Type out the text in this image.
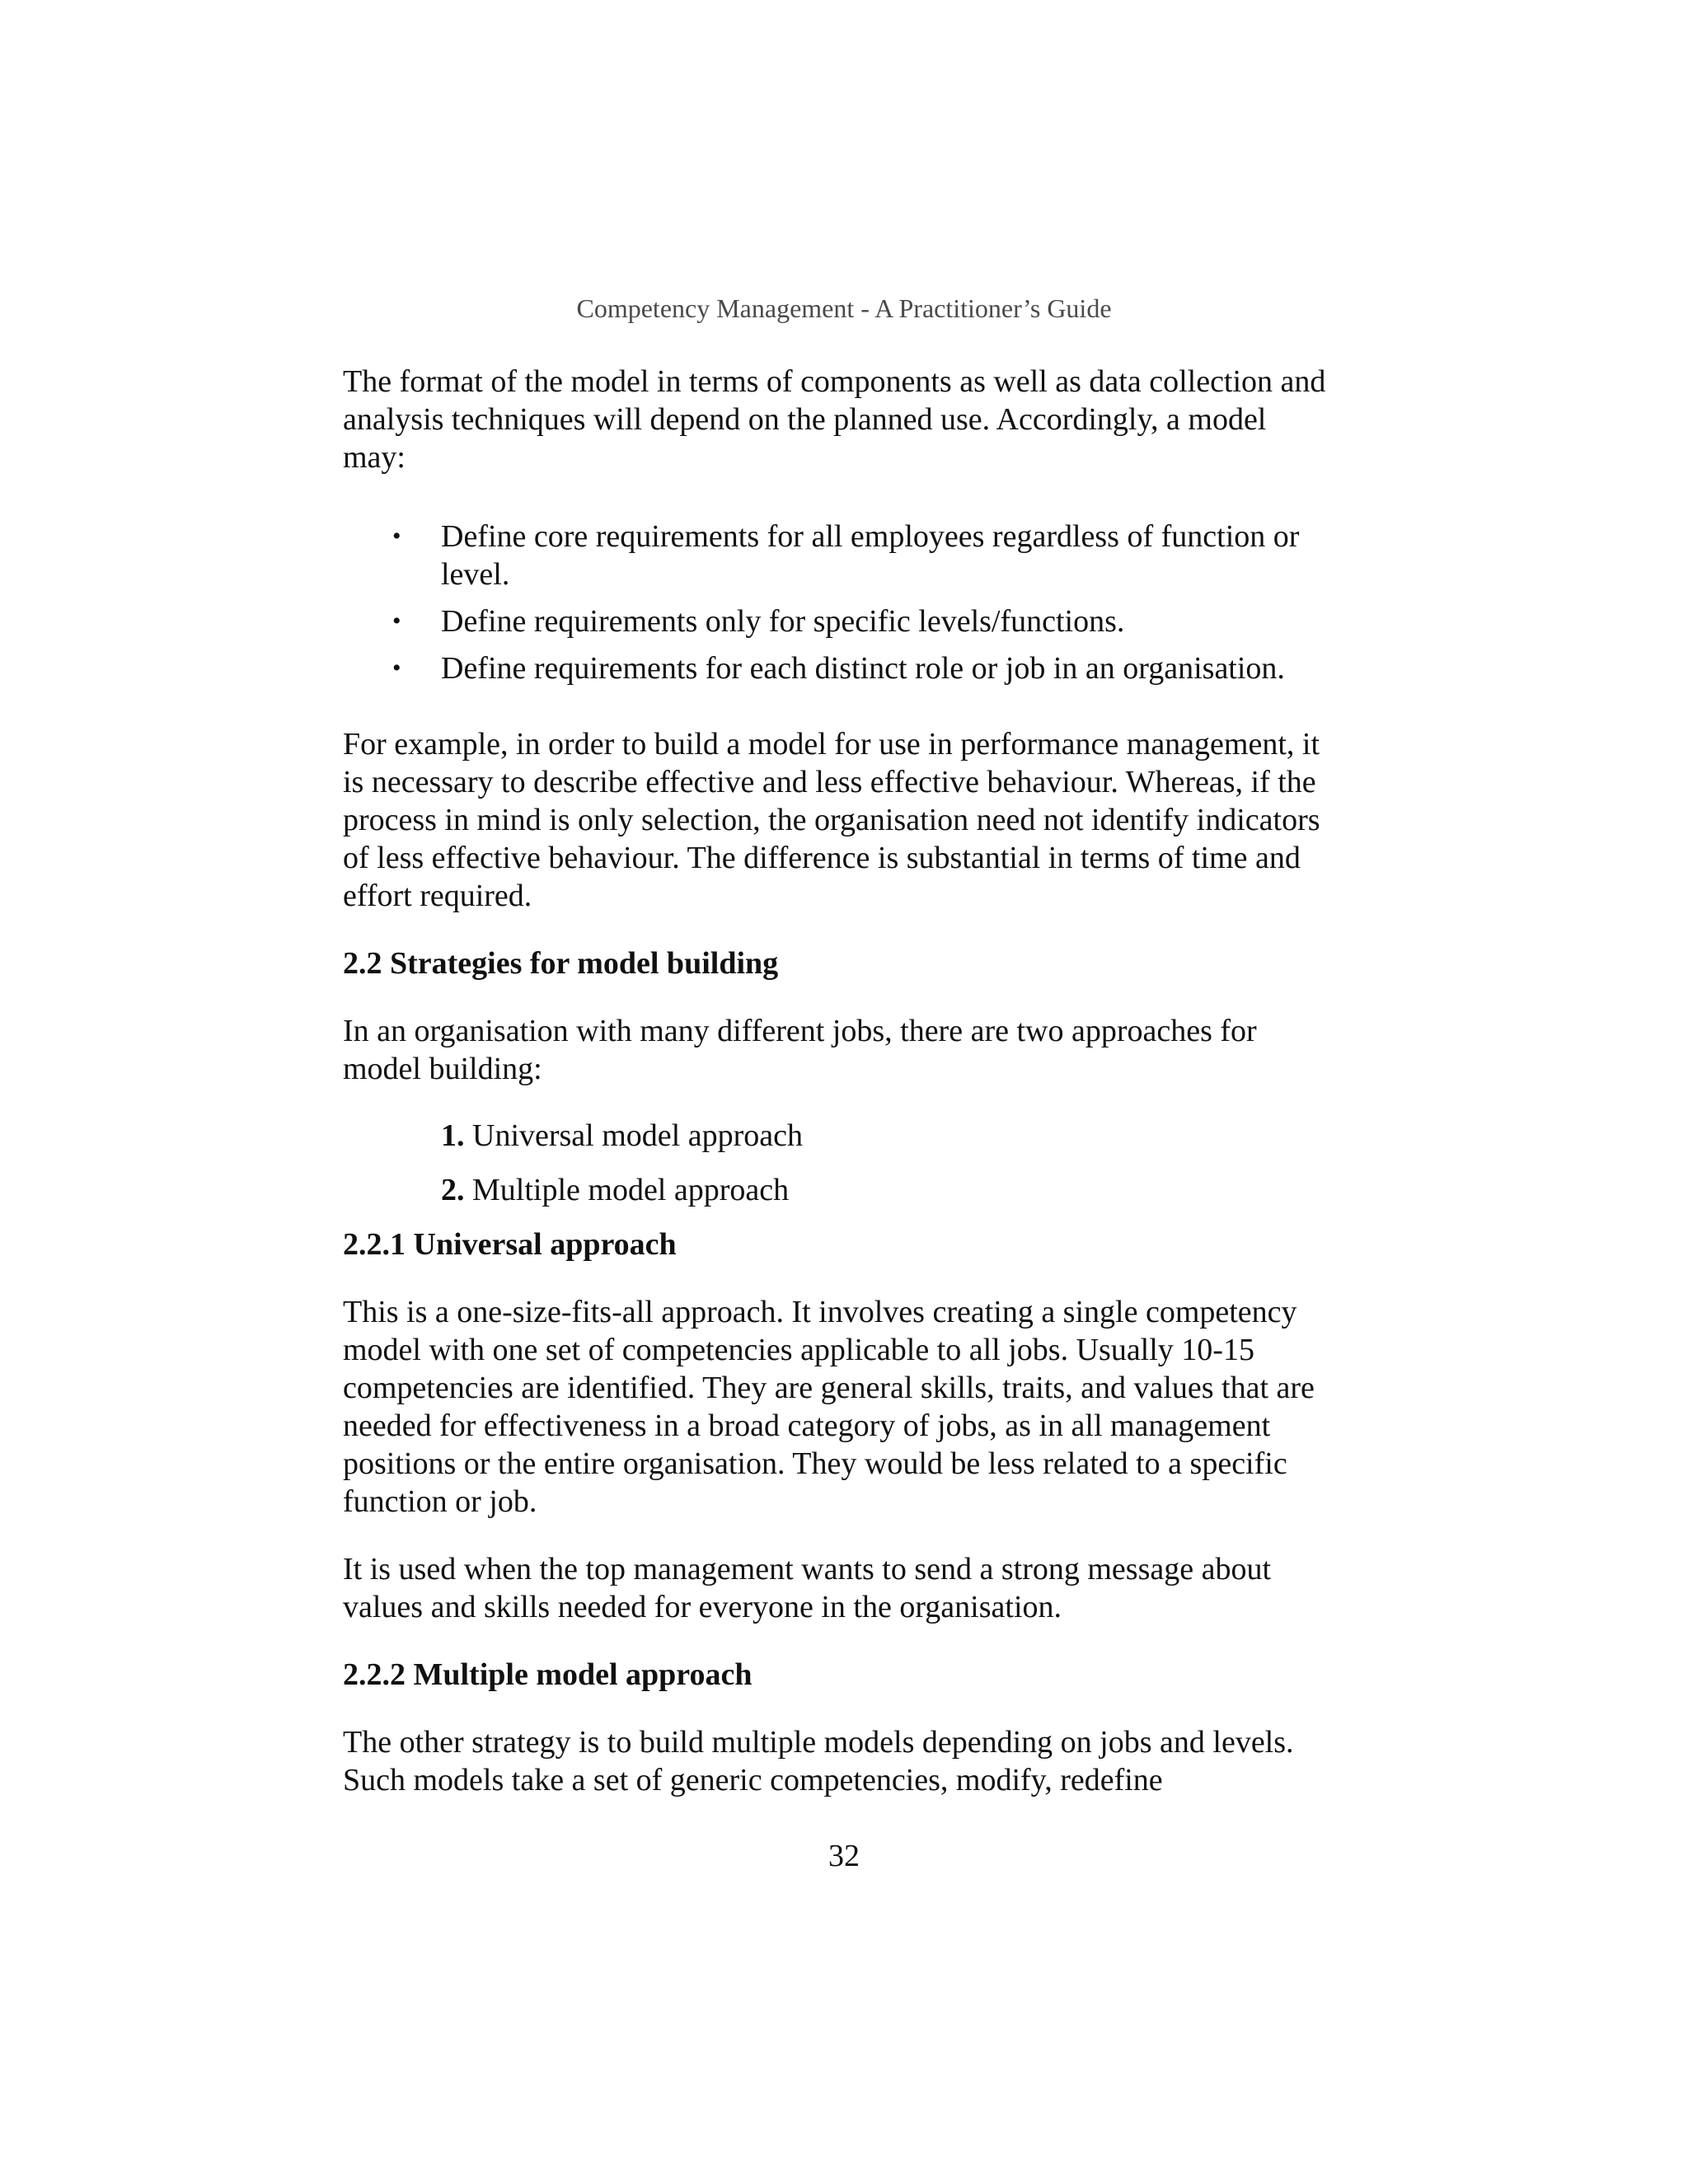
Competency Management - A Practitioner’s Guide

The format of the model in terms of components as well as data collection and analysis techniques will depend on the planned use. Accordingly, a model may:

• Define core requirements for all employees regardless of function or level.
• Define requirements only for specific levels/functions.
• Define requirements for each distinct role or job in an organisation.

For example, in order to build a model for use in performance management, it is necessary to describe effective and less effective behaviour. Whereas, if the process in mind is only selection, the organisation need not identify indicators of less effective behaviour. The difference is substantial in terms of time and effort required.

2.2 Strategies for model building

In an organisation with many different jobs, there are two approaches for model building:

1. Universal model approach
2. Multiple model approach
2.2.1 Universal approach

This is a one-size-fits-all approach. It involves creating a single competency model with one set of competencies applicable to all jobs. Usually 10-15 competencies are identified. They are general skills, traits, and values that are needed for effectiveness in a broad category of jobs, as in all management positions or the entire organisation. They would be less related to a specific function or job.

It is used when the top management wants to send a strong message about values and skills needed for everyone in the organisation.

2.2.2 Multiple model approach

The other strategy is to build multiple models depending on jobs and levels. Such models take a set of generic competencies, modify, redefine

32
